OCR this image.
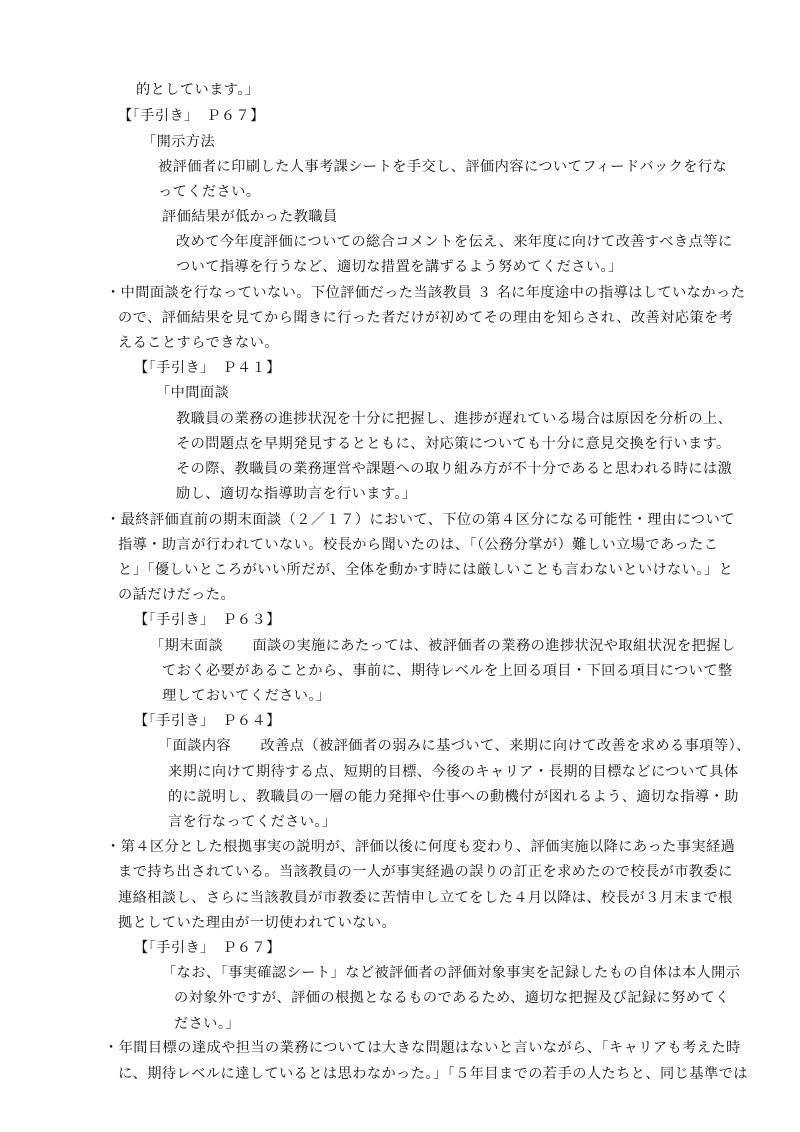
的としています。」
【「手引き」　Ｐ６７】
「開示方法
被評価者に印刷した人事考課シートを手交し、評価内容についてフィードバックを行な
ってください。
評価結果が低かった教職員
改めて今年度評価についての総合コメントを伝え、来年度に向けて改善すべき点等に
ついて指導を行うなど、適切な措置を講ずるよう努めてください。」
・中間面談を行なっていない。下位評価だった当該教員 ３ 名に年度途中の指導はしていなかった
ので、評価結果を見てから聞きに行った者だけが初めてその理由を知らされ、改善対応策を考
えることすらできない。
【「手引き」　Ｐ４１】
「中間面談
教職員の業務の進捗状況を十分に把握し、進捗が遅れている場合は原因を分析の上、
その問題点を早期発見するとともに、対応策についても十分に意見交換を行います。
その際、教職員の業務運営や課題への取り組み方が不十分であると思われる時には激
励し、適切な指導助言を行います。」
・最終評価直前の期末面談（２／１７）において、下位の第４区分になる可能性・理由について
指導・助言が行われていない。校長から聞いたのは、「（公務分掌が）難しい立場であったこ
と」「優しいところがいい所だが、全体を動かす時には厳しいことも言わないといけない。」と
の話だけだった。
【「手引き」　Ｐ６３】
「期末面談　　面談の実施にあたっては、被評価者の業務の進捗状況や取組状況を把握し
ておく必要があることから、事前に、期待レベルを上回る項目・下回る項目について整
理しておいてください。」
【「手引き」　Ｐ６４】
「面談内容　　改善点（被評価者の弱みに基づいて、来期に向けて改善を求める事項等）、
来期に向けて期待する点、短期的目標、今後のキャリア・長期的目標などについて具体
的に説明し、教職員の一層の能力発揮や仕事への動機付が図れるよう、適切な指導・助
言を行なってください。」
・第４区分とした根拠事実の説明が、評価以後に何度も変わり、評価実施以降にあった事実経過
まで持ち出されている。当該教員の一人が事実経過の誤りの訂正を求めたので校長が市教委に
連絡相談し、さらに当該教員が市教委に苦情申し立てをした４月以降は、校長が３月末まで根
拠としていた理由が一切使われていない。
【「手引き」　Ｐ６７】
「なお、「事実確認シート」など被評価者の評価対象事実を記録したもの自体は本人開示
の対象外ですが、評価の根拠となるものであるため、適切な把握及び記録に努めてく
ださい。」
・年間目標の達成や担当の業務については大きな問題はないと言いながら、「キャリアも考えた時
に、期待レベルに達しているとは思わなかった。」「５年目までの若手の人たちと、同じ基準では
